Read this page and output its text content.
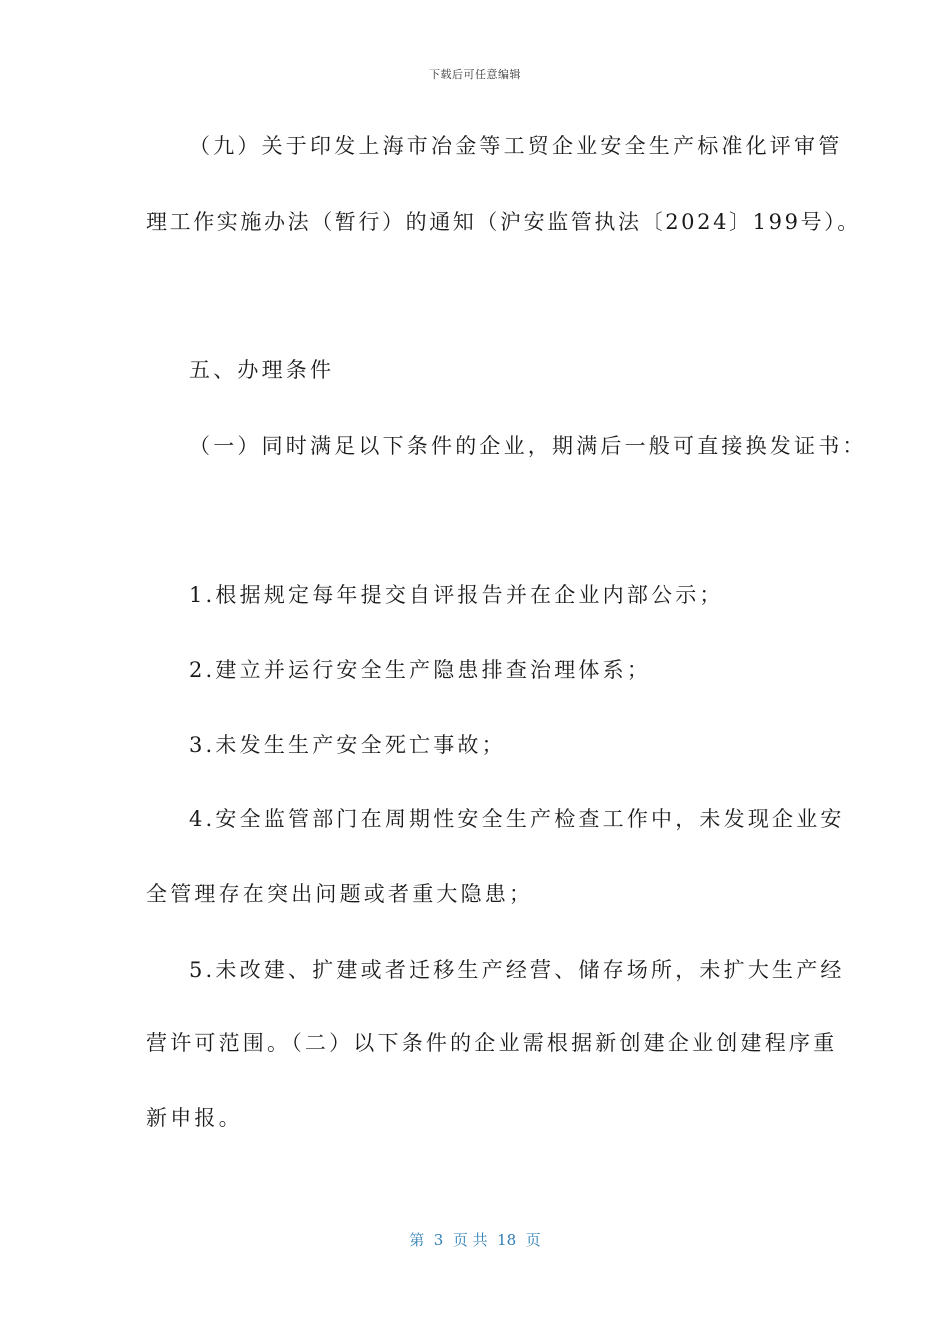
下载后可任意编辑
（九）关于印发上海市冶金等工贸企业安全生产标准化评审管
理工作实施办法（暂行）的通知（沪安监管执法〔2024〕199号）。
五、办理条件
（一）同时满足以下条件的企业，期满后一般可直接换发证书：
1.根据规定每年提交自评报告并在企业内部公示；
2.建立并运行安全生产隐患排查治理体系；
3.未发生生产安全死亡事故；
4.安全监管部门在周期性安全生产检查工作中，未发现企业安
全管理存在突出问题或者重大隐患；
5.未改建、扩建或者迁移生产经营、储存场所，未扩大生产经
营许可范围。（二）以下条件的企业需根据新创建企业创建程序重
新申报。
第  3  页 共  18  页
